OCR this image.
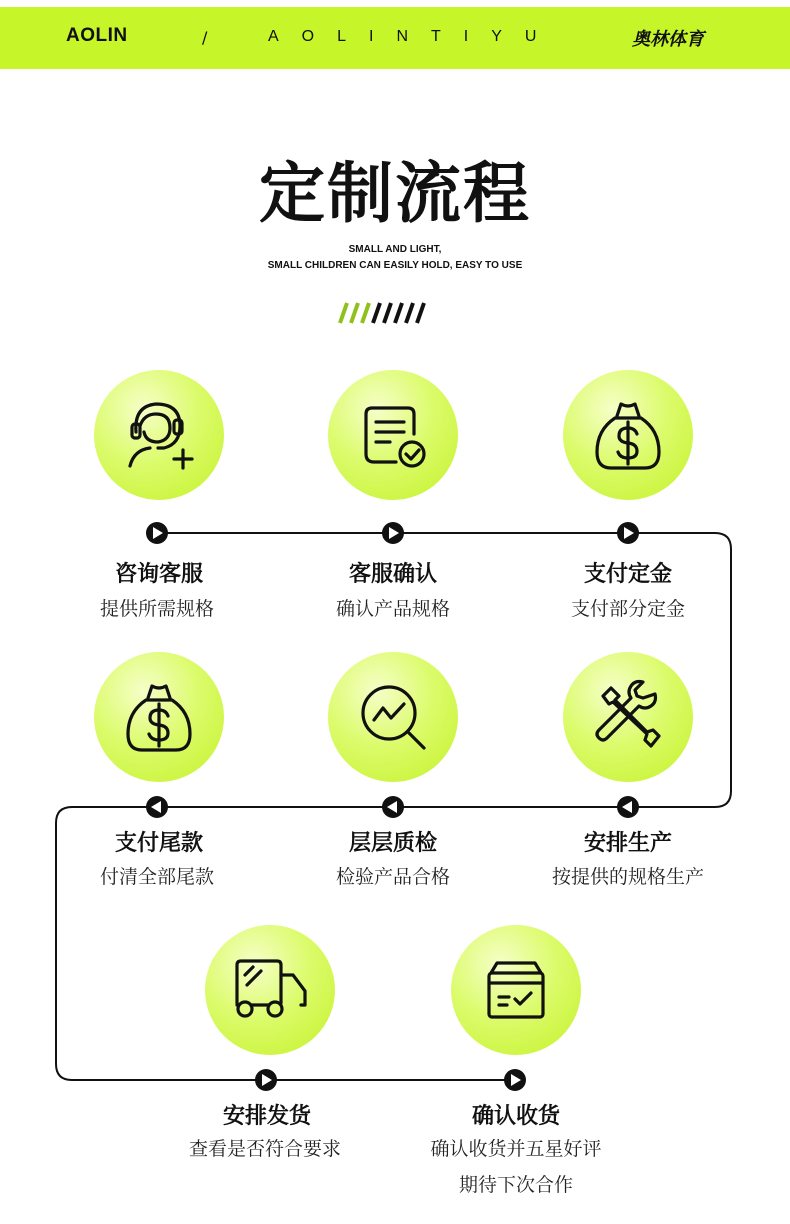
AOLIN	/	AOLINTIYU	奥林体育
定制流程
SMALL AND LIGHT,
SMALL CHILDREN CAN EASILY HOLD, EASY TO USE
咨询客服
提供所需规格
客服确认
确认产品规格
支付定金
支付部分定金
支付尾款
付清全部尾款
层层质检
检验产品合格
安排生产
按提供的规格生产
安排发货
查看是否符合要求
确认收货
确认收货并五星好评
期待下次合作
